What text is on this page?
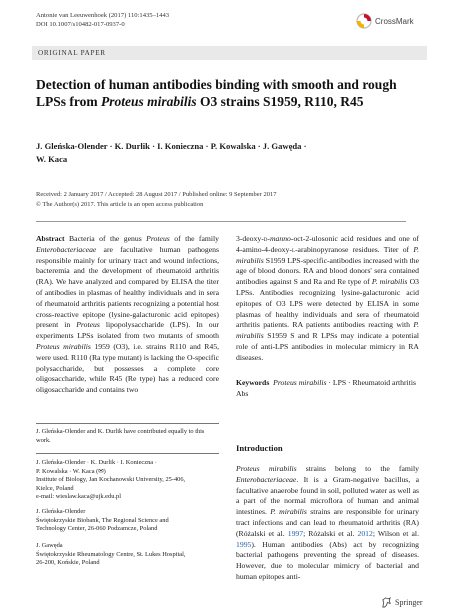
Antonie van Leeuwenhoek (2017) 110:1435–1443
DOI 10.1007/s10482-017-0937-0	CrossMark
ORIGINAL PAPER
Detection of human antibodies binding with smooth and rough LPSs from Proteus mirabilis O3 strains S1959, R110, R45
J. Gleńska-Olender · K. Durlik · I. Konieczna · P. Kowalska · J. Gawęda ·
W. Kaca
Received: 2 January 2017 / Accepted: 28 August 2017 / Published online: 9 September 2017
© The Author(s) 2017. This article is an open access publication
Abstract Bacteria of the genus Proteus of the family Enterobacteriaceae are facultative human pathogens responsible mainly for urinary tract and wound infections, bacteremia and the development of rheumatoid arthritis (RA). We have analyzed and compared by ELISA the titer of antibodies in plasmas of healthy individuals and in sera of rheumatoid arthritis patients recognizing a potential host cross-reactive epitope (lysine-galacturonic acid epitopes) present in Proteus lipopolysaccharide (LPS). In our experiments LPSs isolated from two mutants of smooth Proteus mirabilis 1959 (O3), i.e. strains R110 and R45, were used. R110 (Ra type mutant) is lacking the O-specific polysaccharide, but possesses a complete core oligosaccharide, while R45 (Re type) has a reduced core oligosaccharide and contains two
3-deoxy-d-manno-oct-2-ulosonic acid residues and one of 4-amino-4-deoxy-l-arabinopyranose residues. Titer of P. mirabilis S1959 LPS-specific-antibodies increased with the age of blood donors. RA and blood donors' sera contained antibodies against S and Ra and Re type of P. mirabilis O3 LPSs. Antibodies recognizing lysine-galacturonic acid epitopes of O3 LPS were detected by ELISA in some plasmas of healthy individuals and sera of rheumatoid arthritis patients. RA patients antibodies reacting with P. mirabilis S1959 S and R LPSs may indicate a potential role of anti-LPS antibodies in molecular mimicry in RA diseases.
Keywords Proteus mirabilis · LPS · Rheumatoid arthritis Abs
J. Gleńska-Olender and K. Durlik have contributed equally to this work.
J. Gleńska-Olender · K. Durlik · I. Konieczna ·
P. Kowalska · W. Kaca (✉)
Institute of Biology, Jan Kochanowski University, 25-406,
Kielce, Poland
e-mail: wieslaw.kaca@ujk.edu.pl
J. Gleńska-Olender
Świętokrzyskie Biobank, The Regional Science and
Technology Center, 26-060 Podzamcze, Poland
J. Gawęda
Świętokrzyskie Rheumatology Centre, St. Lukes Hospital,
26-200, Końskie, Poland
Introduction
Proteus mirabilis strains belong to the family Enterobacteriaceae. It is a Gram-negative bacillus, a facultative anaerobe found in soil, polluted water as well as a part of the normal microflora of human and animal intestines. P. mirabilis strains are responsible for urinary tract infections and can lead to rheumatoid arthritis (RA) (Różalski et al. 1997; Różalski et al. 2012; Wilson et al. 1995). Human antibodies (Abs) act by recognizing bacterial pathogens preventing the spread of diseases. However, due to molecular mimicry of bacterial and human epitopes anti-
Springer
